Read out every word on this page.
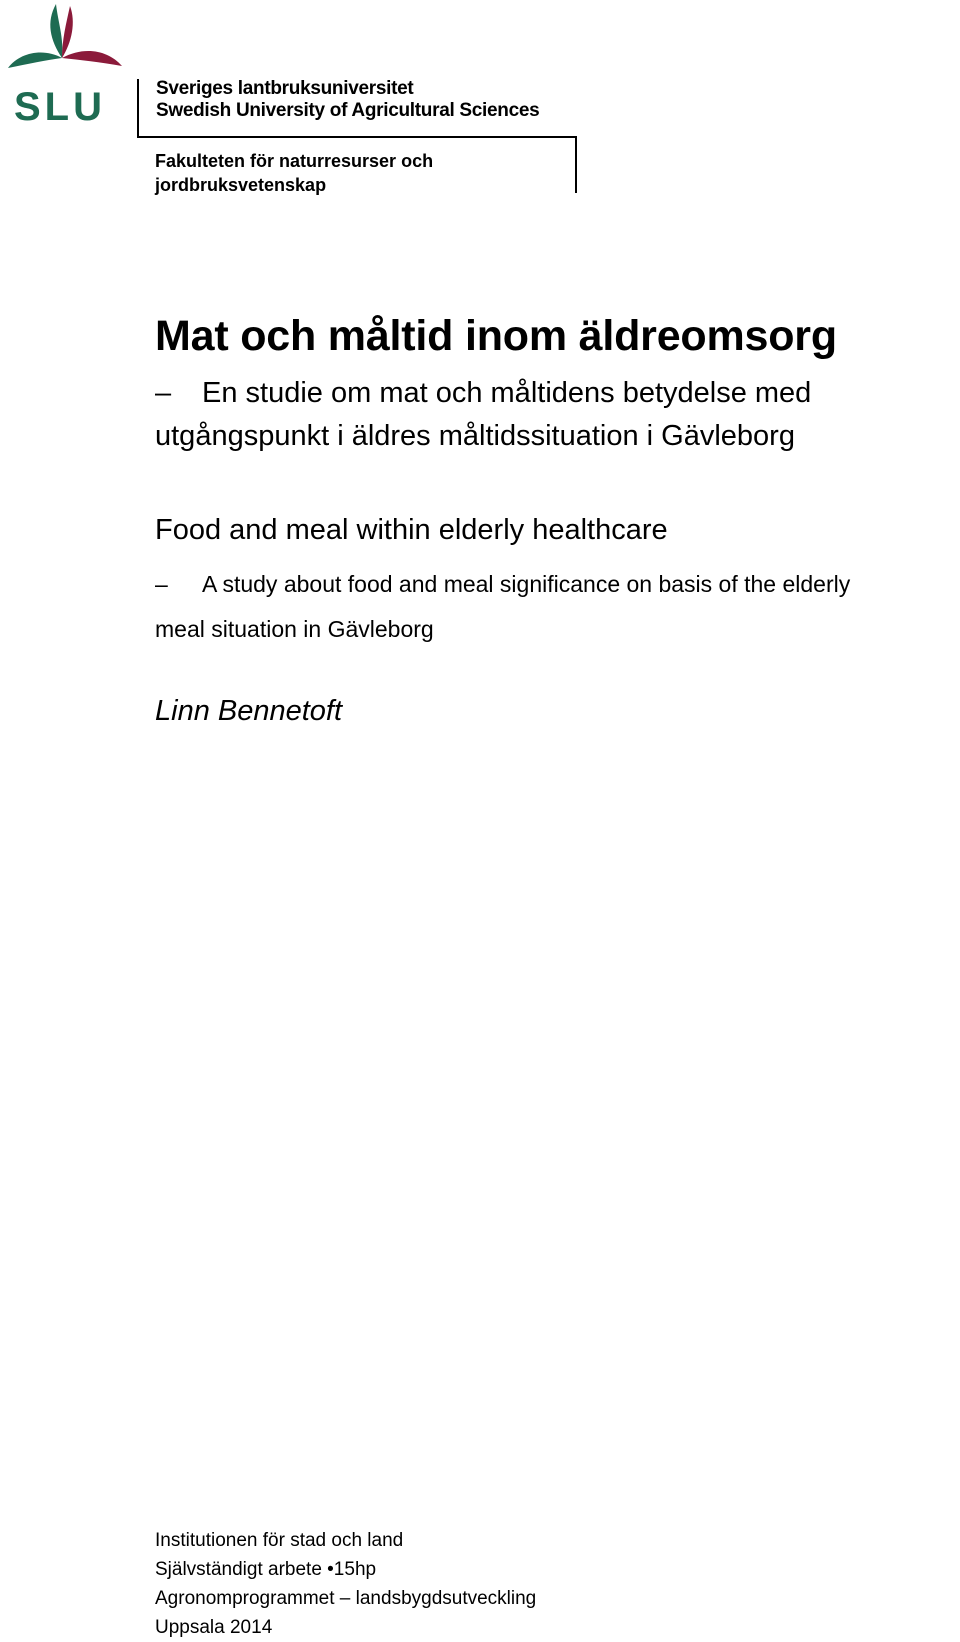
SLU	Sveriges lantbruksuniversitet
Swedish University of Agricultural Sciences
Fakulteten för naturresurser och
jordbruksvetenskap
Mat och måltid inom äldreomsorg
– En studie om mat och måltidens betydelse med
utgångspunkt i äldres måltidssituation i Gävleborg
Food and meal within elderly healthcare
– A study about food and meal significance on basis of the elderly
meal situation in Gävleborg
Linn Bennetoft
Institutionen för stad och land
Självständigt arbete •15hp
Agronomprogrammet – landsbygdsutveckling
Uppsala 2014
